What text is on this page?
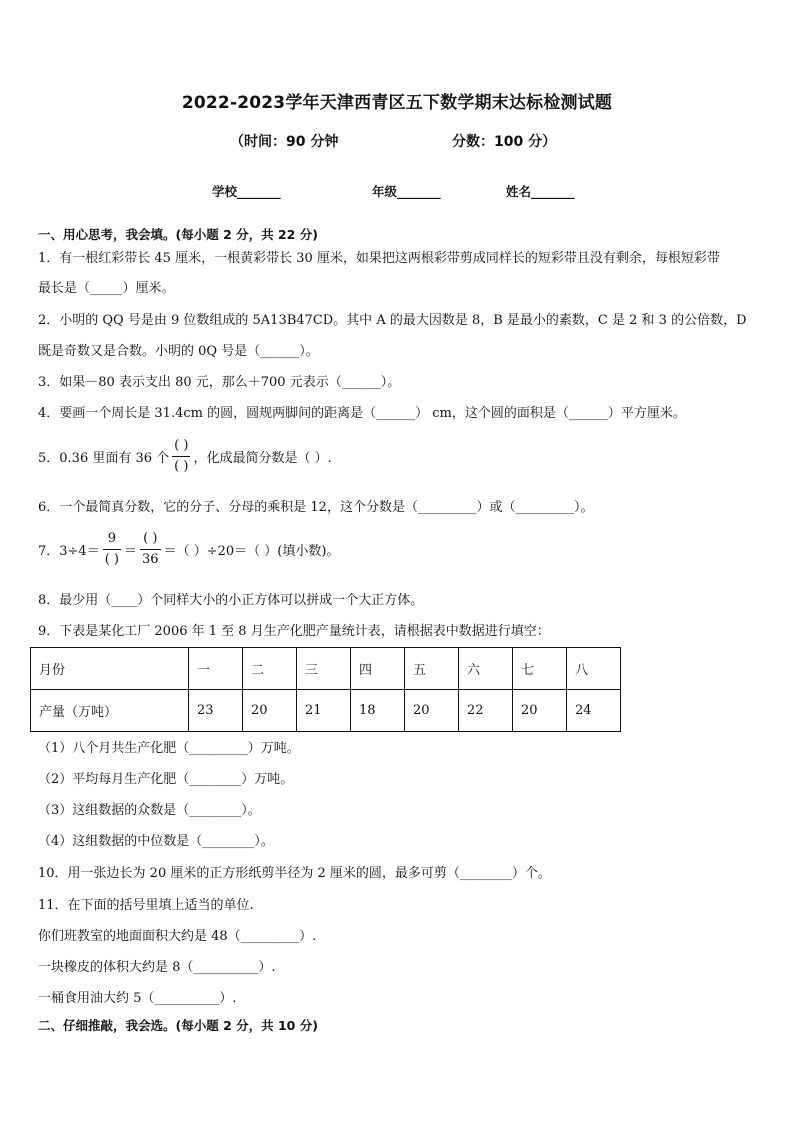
2022-2023学年天津西青区五下数学期末达标检测试题
（时间：90 分钟	分数：100 分）
学校_______	年级_______	姓名_______
一、用心思考，我会填。(每小题 2 分，共 22 分)
1．有一根红彩带长 45 厘米，一根黄彩带长 30 厘米，如果把这两根彩带剪成同样长的短彩带且没有剩余，每根短彩带
最长是（_____）厘米。
2．小明的 QQ 号是由 9 位数组成的 5A13B47CD。其中 A 的最大因数是 8，B 是最小的素数，C 是 2 和 3 的公倍数，D
既是奇数又是合数。小明的 0Q 号是（______）。
3．如果－80 表示支出 80 元，那么＋700 元表示（______）。
4．要画一个周长是 31.4cm 的圆，圆规两脚间的距离是（______） cm，这个圆的面积是（______）平方厘米。
5．0.36 里面有 36 个 $\frac{( )}{( )}$ ，化成最简分数是（ ）.
6．一个最简真分数，它的分子、分母的乘积是 12，这个分数是（_________）或（_________）。
7．$3\div 4= \frac{9}{( )} = \frac{( )}{36}$ ＝（ ）÷20＝（ ）(填小数)。
8．最少用（____）个同样大小的小正方体可以拼成一个大正方体。
9．下表是某化工厂 2006 年 1 至 8 月生产化肥产量统计表，请根据表中数据进行填空：
月份	一	二	三	四	五	六	七	八
产量（万吨）	23	20	21	18	20	22	20	24
（1）八个月共生产化肥（_________）万吨。
（2）平均每月生产化肥（________）万吨。
（3）这组数据的众数是（________）。
（4）这组数据的中位数是（________）。
10．用一张边长为 20 厘米的正方形纸剪半径为 2 厘米的圆，最多可剪（________）个。
11．在下面的括号里填上适当的单位.
你们班教室的地面面积大约是 48（_________）.
一块橡皮的体积大约是 8（__________）.
一桶食用油大约 5（__________）.
二、仔细推敲，我会选。(每小题 2 分，共 10 分)
